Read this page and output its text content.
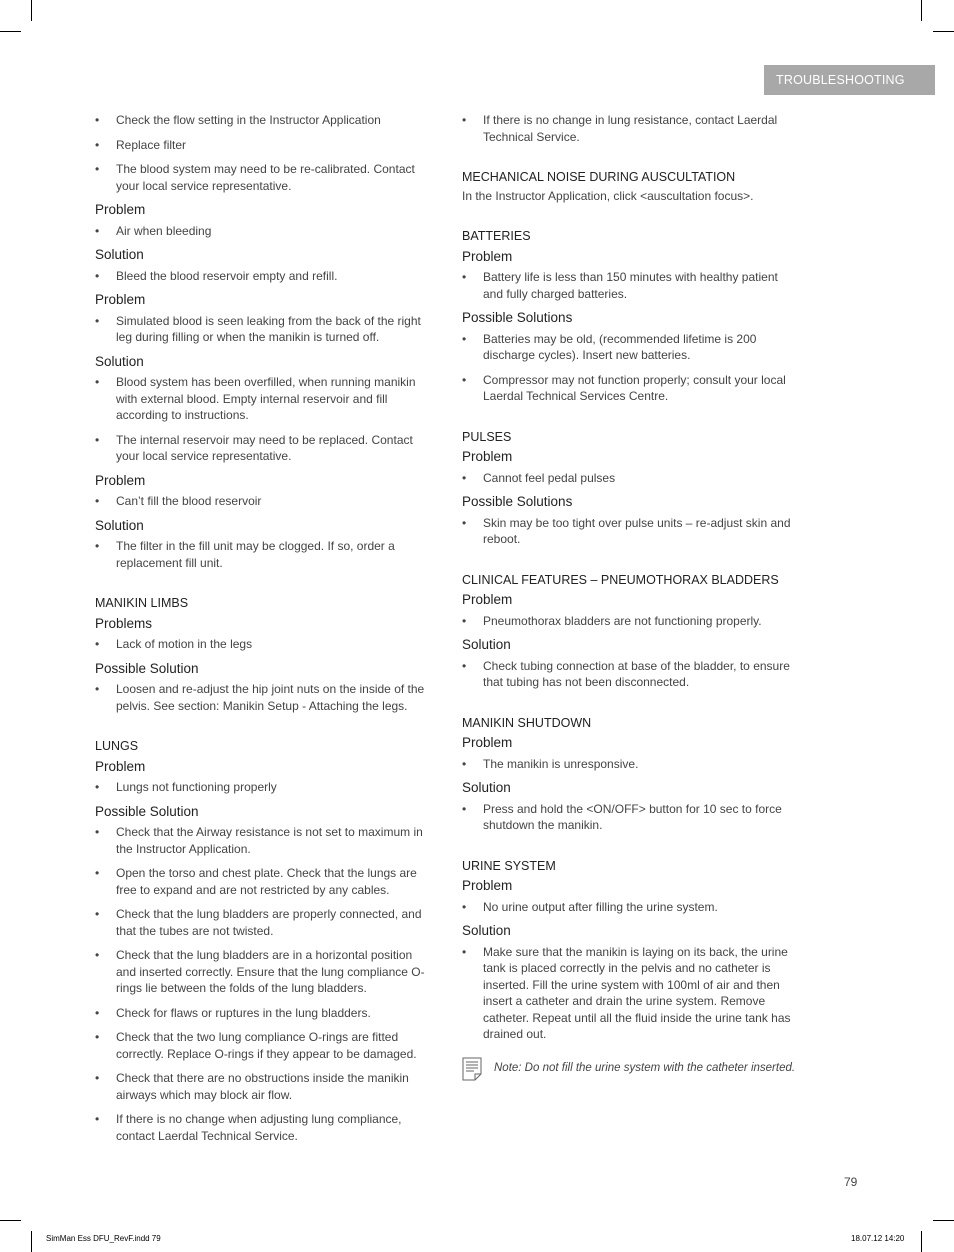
TROUBLESHOOTING
• Check the flow setting in the Instructor Application
• Replace filter
• The blood system may need to be re-calibrated. Contact your local service representative.
Problem
• Air when bleeding
Solution
• Bleed the blood reservoir empty and refill.
Problem
• Simulated blood is seen leaking from the back of the right leg during filling or when the manikin is turned off.
Solution
• Blood system has been overfilled, when running manikin with external blood. Empty internal reservoir and fill according to instructions.
• The internal reservoir may need to be replaced. Contact your local service representative.
Problem
• Can’t fill the blood reservoir
Solution
• The filter in the fill unit may be clogged. If so, order a replacement fill unit.
MANIKIN LIMBS
Problems
• Lack of motion in the legs
Possible Solution
• Loosen and re-adjust the hip joint nuts on the inside of the pelvis. See section: Manikin Setup - Attaching the legs.
LUNGS
Problem
• Lungs not functioning properly
Possible Solution
• Check that the Airway resistance is not set to maximum in the Instructor Application.
• Open the torso and chest plate. Check that the lungs are free to expand and are not restricted by any cables.
• Check that the lung bladders are properly connected, and that the tubes are not twisted.
• Check that the lung bladders are in a horizontal position and inserted correctly. Ensure that the lung compliance O-rings lie between the folds of the lung bladders.
• Check for flaws or ruptures in the lung bladders.
• Check that the two lung compliance O-rings are fitted correctly. Replace O-rings if they appear to be damaged.
• Check that there are no obstructions inside the manikin airways which may block air flow.
• If there is no change when adjusting lung compliance, contact Laerdal Technical Service.
• If there is no change in lung resistance, contact Laerdal Technical Service.
MECHANICAL NOISE DURING AUSCULTATION

In the Instructor Application, click <auscultation focus>.

BATTERIES
Problem
• Battery life is less than 150 minutes with healthy patient and fully charged batteries.
Possible Solutions
• Batteries may be old, (recommended lifetime is 200 discharge cycles). Insert new batteries.
• Compressor may not function properly; consult your local Laerdal Technical Services Centre.
PULSES
Problem
• Cannot feel pedal pulses
Possible Solutions
• Skin may be too tight over pulse units – re-adjust skin and reboot.
CLINICAL FEATURES – PNEUMOTHORAX BLADDERS
Problem
• Pneumothorax bladders are not functioning properly.
Solution
• Check tubing connection at base of the bladder, to ensure that tubing has not been disconnected.
MANIKIN SHUTDOWN
Problem
• The manikin is unresponsive.
Solution
• Press and hold the <ON/OFF> button for 10 sec to force shutdown the manikin.
URINE SYSTEM
Problem
• No urine output after filling the urine system.
Solution
• Make sure that the manikin is laying on its back, the urine tank is placed correctly in the pelvis and no catheter is inserted. Fill the urine system with 100ml of air and then insert a catheter and drain the urine system. Remove catheter. Repeat until all the fluid inside the urine tank has drained out.
Note: Do not fill the urine system with the catheter inserted.
79
SimMan Ess DFU_RevF.indd 79	18.07.12 14:20
